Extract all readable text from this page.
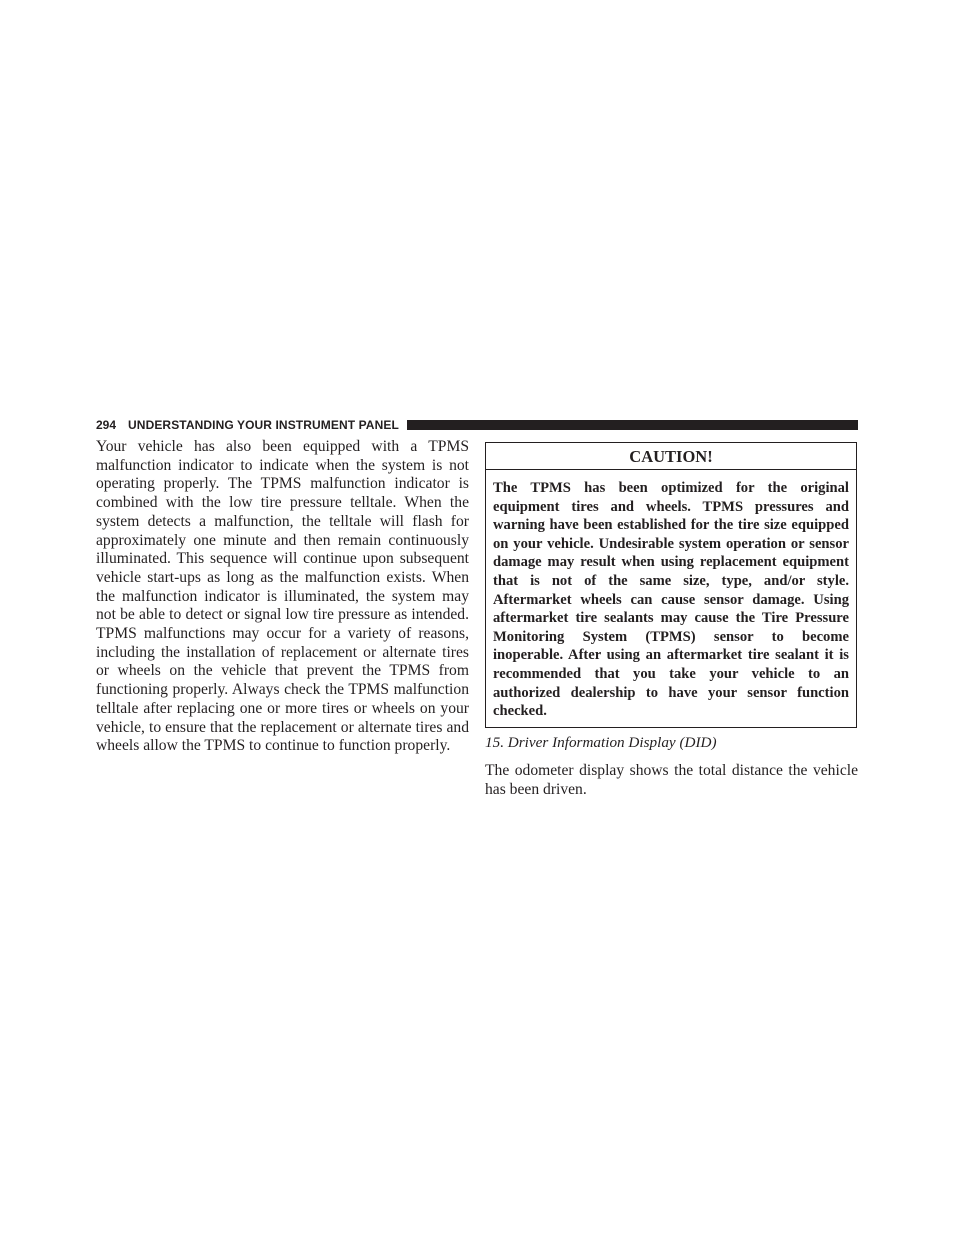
294 UNDERSTANDING YOUR INSTRUMENT PANEL

Your vehicle has also been equipped with a TPMS malfunction indicator to indicate when the system is not operating properly. The TPMS malfunction indicator is combined with the low tire pressure telltale. When the system detects a malfunction, the telltale will flash for approximately one minute and then remain continuously illuminated. This sequence will continue upon subsequent vehicle start-ups as long as the malfunction exists. When the malfunction indicator is illuminated, the system may not be able to detect or signal low tire pressure as intended. TPMS malfunctions may occur for a variety of reasons, including the installation of replacement or alternate tires or wheels on the vehicle that prevent the TPMS from functioning properly. Always check the TPMS malfunction telltale after replacing one or more tires or wheels on your vehicle, to ensure that the replacement or alternate tires and wheels allow the TPMS to continue to function properly.

CAUTION!
The TPMS has been optimized for the original equipment tires and wheels. TPMS pressures and warning have been established for the tire size equipped on your vehicle. Undesirable system operation or sensor damage may result when using replacement equipment that is not of the same size, type, and/or style. Aftermarket wheels can cause sensor damage. Using aftermarket tire sealants may cause the Tire Pressure Monitoring System (TPMS) sensor to become inoperable. After using an aftermarket tire sealant it is recommended that you take your vehicle to an authorized dealership to have your sensor function checked.

15. Driver Information Display (DID)

The odometer display shows the total distance the vehicle has been driven.
